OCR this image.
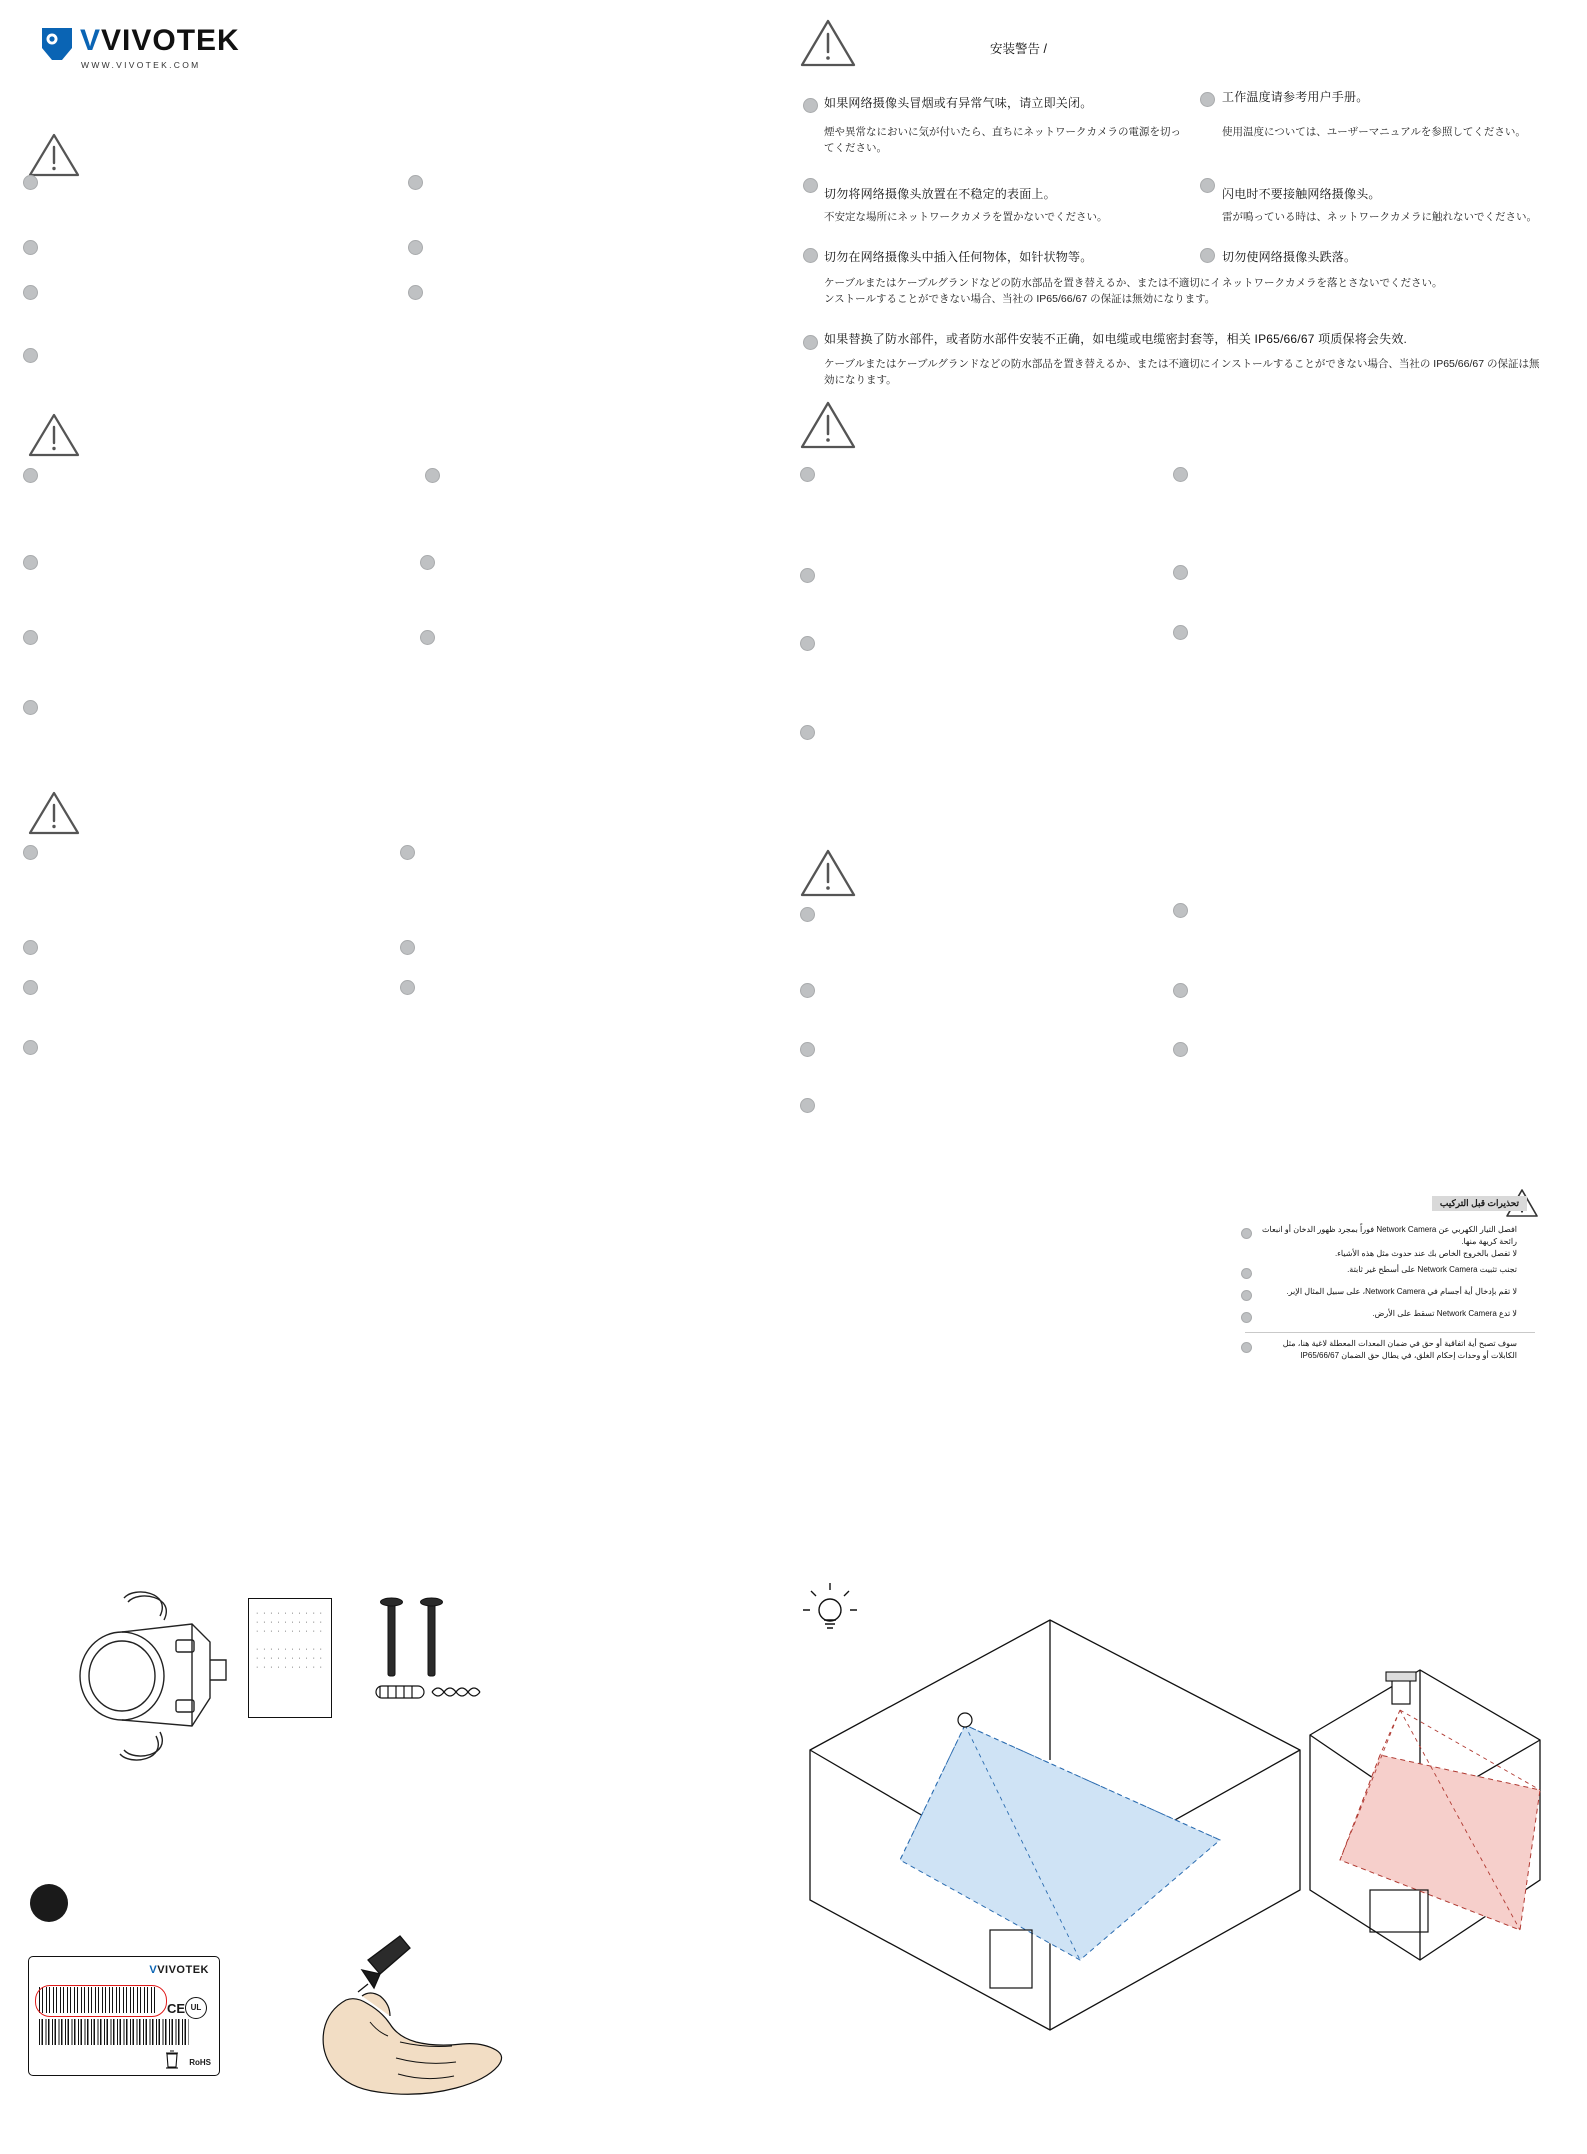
VVIVOTEK
WWW.VIVOTEK.COM
安装警告 /
如果网络摄像头冒烟或有异常气味，请立即关闭。
煙や異常なにおいに気が付いたら、直ちにネットワークカメラの電源を切ってください。
切勿将网络摄像头放置在不稳定的表面上。
不安定な場所にネットワークカメラを置かないでください。
切勿在网络摄像头中插入任何物体，如针状物等。
ケーブルまたはケーブルグランドなどの防水部品を置き替えるか、または不適切にインストールすることができない場合、当社の IP65/66/67 の保証は無効になります。
工作温度请参考用户手册。
使用温度については、ユーザーマニュアルを参照してください。
闪电时不要接触网络摄像头。
雷が鳴っている時は、ネットワークカメラに触れないでください。
切勿使网络摄像头跌落。
ネットワークカメラを落とさないでください。
如果替换了防水部件，或者防水部件安装不正确，如电缆或电缆密封套等，相关 IP65/66/67 项质保将会失效.
ケーブルまたはケーブルグランドなどの防水部品を置き替えるか、または不適切にインストールすることができない場合、当社の IP65/66/67 の保証は無効になります。
تحذيرات قبل التركيب
افصل التيار الكهربي عن Network Camera فوراً بمجرد ظهور الدخان أو انبعاث رائحة كريهة منها.
لا تفصل بالخروج الخاص بك عند حدوث مثل هذه الأشياء.
تجنب تثبيت Network Camera على أسطح غير ثابتة.
لا تقم بإدخال أية أجسام في Network Camera، على سبيل المثال الإبر.
لا تدع Network Camera تسقط على الأرض.
سوف تصبح أية اتفاقية أو حق في ضمان المعدات المعطلة لاغية هنا، مثل الكابلات أو وحدات إحكام الغلق، في يطال حق الضمان IP65/66/67
· · · · · · · · · ·
· · · · · · · · · ·
· · · · · · · · · ·

· · · · · · · · · ·
· · · · · · · · · ·
· · · · · · · · · ·
VVIVOTEK
CE UL
RoHS
